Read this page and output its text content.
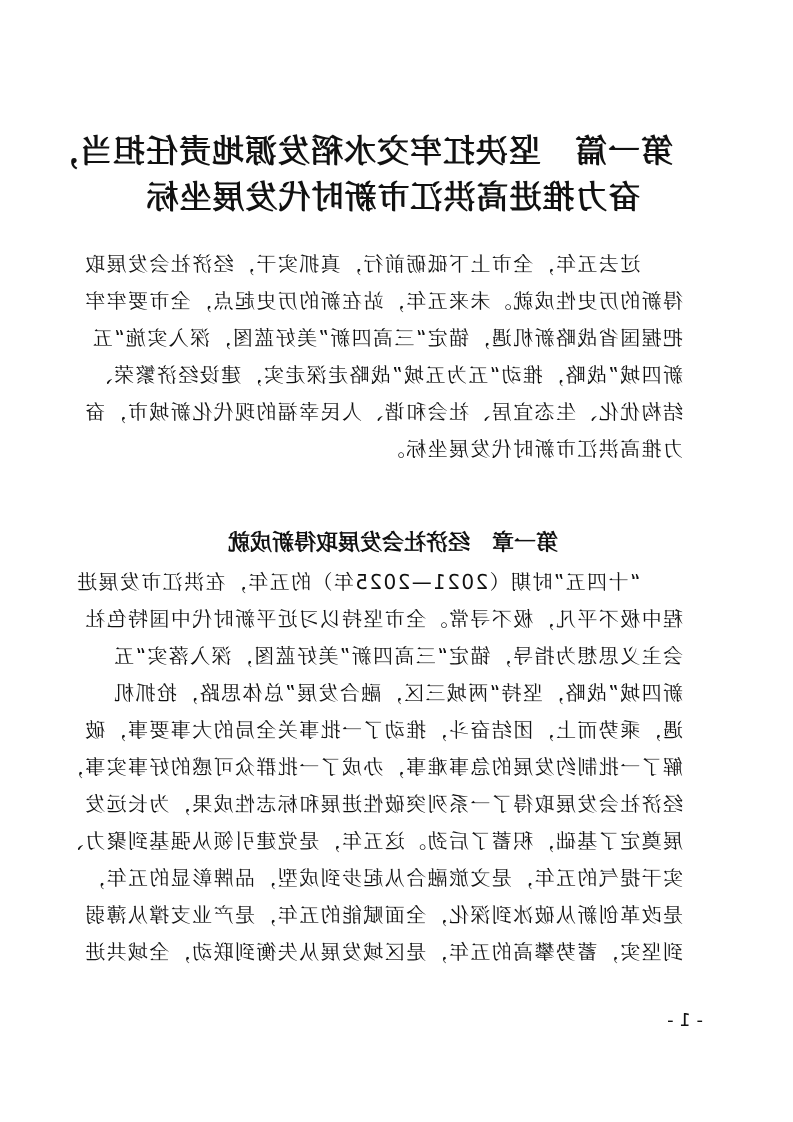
第一篇　坚决扛牢交水稻发源地责任担当，
奋力推进高洪江市新时代发展坐标
　　过去五年，全市上下砥砺前行，真抓实干，经济社会发展取
得新的历史性成就。未来五年，站在新的历史起点，全市要牢牢
把握国省战略新机遇，锚定“三高四新”美好蓝图，深入实施“五
新四城”战略，推动“五为五城”战略走深走实，建设经济繁荣、
结构优化、生态宜居、社会和谐、人民幸福的现代化新城市，奋
力推高洪江市新时代发展坐标。
第一章　经济社会发展取得新成就
　　“十四五”时期（2021—2025年）的五年，在洪江市发展进
程中极不平凡，极不寻常。全市坚持以习近平新时代中国特色社
会主义思想为指导，锚定“三高四新”美好蓝图，深入落实“五
新四城”战略，坚持“两城三区，融合发展”总体思路，抢抓机
遇，乘势而上，团结奋斗，推动了一批事关全局的大事要事，破
解了一批制约发展的急事难事，办成了一批群众可感的好事实事，
经济社会发展取得了一系列突破性进展和标志性成果，为长远发
展奠定了基础，积蓄了后劲。这五年，是党建引领从强基到聚力、
实干提气的五年，是文旅融合从起步到成型，品牌彰显的五年，
是改革创新从破冰到深化，全面赋能的五年，是产业支撑从薄弱
到坚实，蓄势攀高的五年，是区域发展从失衡到联动，全域共进
- 1 -
